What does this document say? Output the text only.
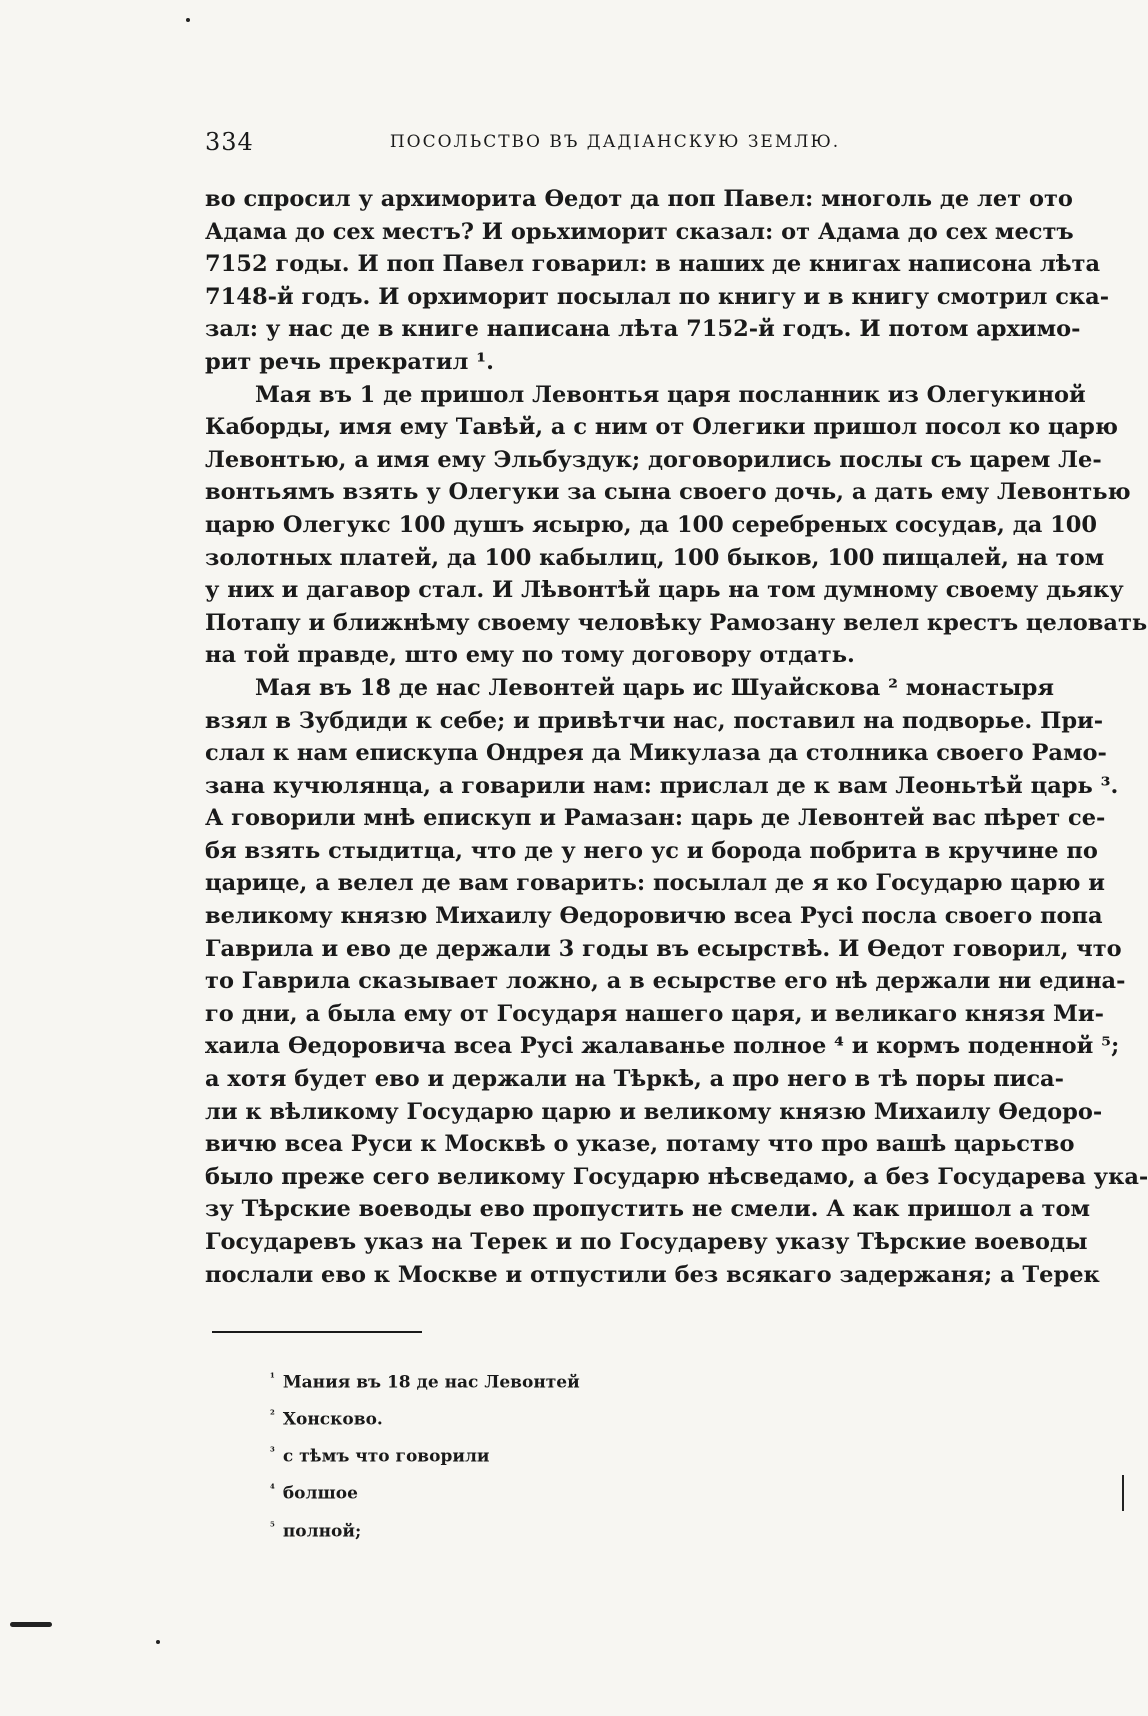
334	ПОСОЛЬСТВО ВЪ ДАДІАНСКУЮ ЗЕМЛЮ.
во спросил у архиморита Өедот да поп Павел: многоль де лет ото
Адама до сех местъ? И орьхиморит сказал: от Адама до сех местъ
7152 годы. И поп Павел говарил: в наших де книгах написона лѣта
7148-й годъ. И орхиморит посылал по книгу и в книгу смотрил ска-
зал: у нас де в книге написана лѣта 7152-й годъ. И потом архимо-
рит речь прекратил ¹.
Мая въ 1 де пришол Левонтья царя посланник из Олегукиной
Каборды, имя ему Тавѣй, а с ним от Олегики пришол посол ко царю
Левонтью, а имя ему Эльбуздук; договорились послы съ царем Ле-
вонтьямъ взять у Олегуки за сына своего дочь, а дать ему Левонтью
царю Олегукс 100 душъ ясырю, да 100 серебреных сосудав, да 100
золотных платей, да 100 кабылиц, 100 быков, 100 пищалей, на том
у них и дагавор стал. И Лѣвонтѣй царь на том думному своему дьяку
Потапу и ближнѣму своему человѣку Рамозану велел крестъ целовать
на той правде, што ему по тому договору отдать.
Мая въ 18 де нас Левонтей царь ис Шуайскова ² монастыря
взял в Зубдиди к себе; и привѣтчи нас, поставил на подворье. При-
слал к нам епискупа Ондрея да Микулаза да столника своего Рамо-
зана кучюлянца, а говарили нам: прислал де к вам Леоньтѣй царь ³.
А говорили мнѣ епискуп и Рамазан: царь де Левонтей вас пѣрет се-
бя взять стыдитца, что де у него ус и борода побрита в кручине по
царице, а велел де вам говарить: посылал де я ко Государю царю и
великому князю Михаилу Өедоровичю всеа Русі посла своего попа
Гаврила и ево де держали 3 годы въ есырствѣ. И Өедот говорил, что
то Гаврила сказывает ложно, а в есырстве его нѣ держали ни едина-
го дни, а была ему от Государя нашего царя, и великаго князя Ми-
хаила Өедоровича всеа Русі жалаванье полное ⁴ и кормъ поденной ⁵;
а хотя будет ево и держали на Тѣркѣ, а про него в тѣ поры писа-
ли к вѣликому Государю царю и великому князю Михаилу Өедоро-
вичю всеа Руси к Москвѣ о указе, потаму что про вашѣ царьство
было преже сего великому Государю нѣсведамо, а без Государева ука-
зу Тѣрские воеводы ево пропустить не смели. А как пришол а том
Государевъ указ на Терек и по Государеву указу Тѣрские воеводы
послали ево к Москве и отпустили без всякаго задержаня; а Терек
$^{^1}$ Мания въ 18 де нас Левонтей
$^{^2}$ Хонсково.
$^{^3}$ с тѣмъ что говорили
$^{^4}$ болшое
$^{^5}$ полной;
